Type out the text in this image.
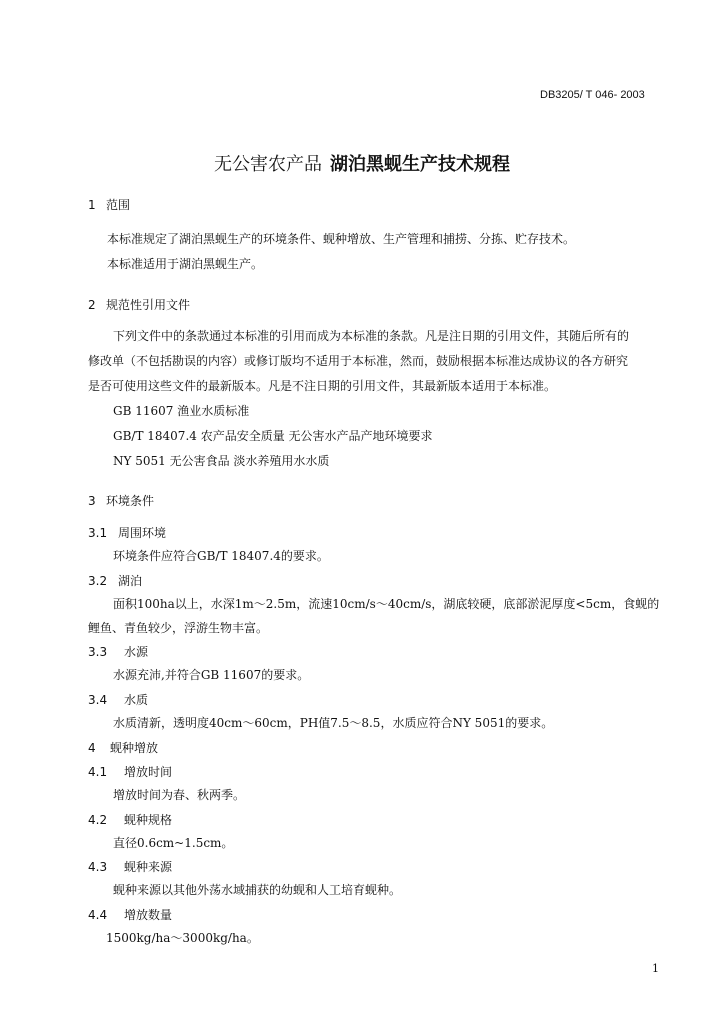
DB3205/ T 046- 2003
无公害农产品 湖泊黑蚬生产技术规程
1 范围
本标准规定了湖泊黑蚬生产的环境条件、蚬种增放、生产管理和捕捞、分拣、贮存技术。
本标准适用于湖泊黑蚬生产。
2 规范性引用文件
下列文件中的条款通过本标准的引用而成为本标准的条款。凡是注日期的引用文件，其随后所有的
修改单（不包括勘误的内容）或修订版均不适用于本标准，然而，鼓励根据本标准达成协议的各方研究
是否可使用这些文件的最新版本。凡是不注日期的引用文件，其最新版本适用于本标准。
GB 11607 渔业水质标准
GB/T 18407.4 农产品安全质量 无公害水产品产地环境要求
NY 5051 无公害食品 淡水养殖用水水质
3 环境条件
3.1 周围环境
环境条件应符合GB/T 18407.4的要求。
3.2 湖泊
面积100ha以上，水深1m～2.5m，流速10cm/s～40cm/s，湖底较硬，底部淤泥厚度<5cm，食蚬的
鲤鱼、青鱼较少，浮游生物丰富。
3.3 水源
水源充沛,并符合GB 11607的要求。
3.4 水质
水质清新，透明度40cm～60cm，PH值7.5～8.5，水质应符合NY 5051的要求。
4 蚬种增放
4.1 增放时间
增放时间为春、秋两季。
4.2 蚬种规格
直径0.6cm~1.5cm。
4.3 蚬种来源
蚬种来源以其他外荡水域捕获的幼蚬和人工培育蚬种。
4.4 增放数量
1500kg/ha～3000kg/ha。
1
